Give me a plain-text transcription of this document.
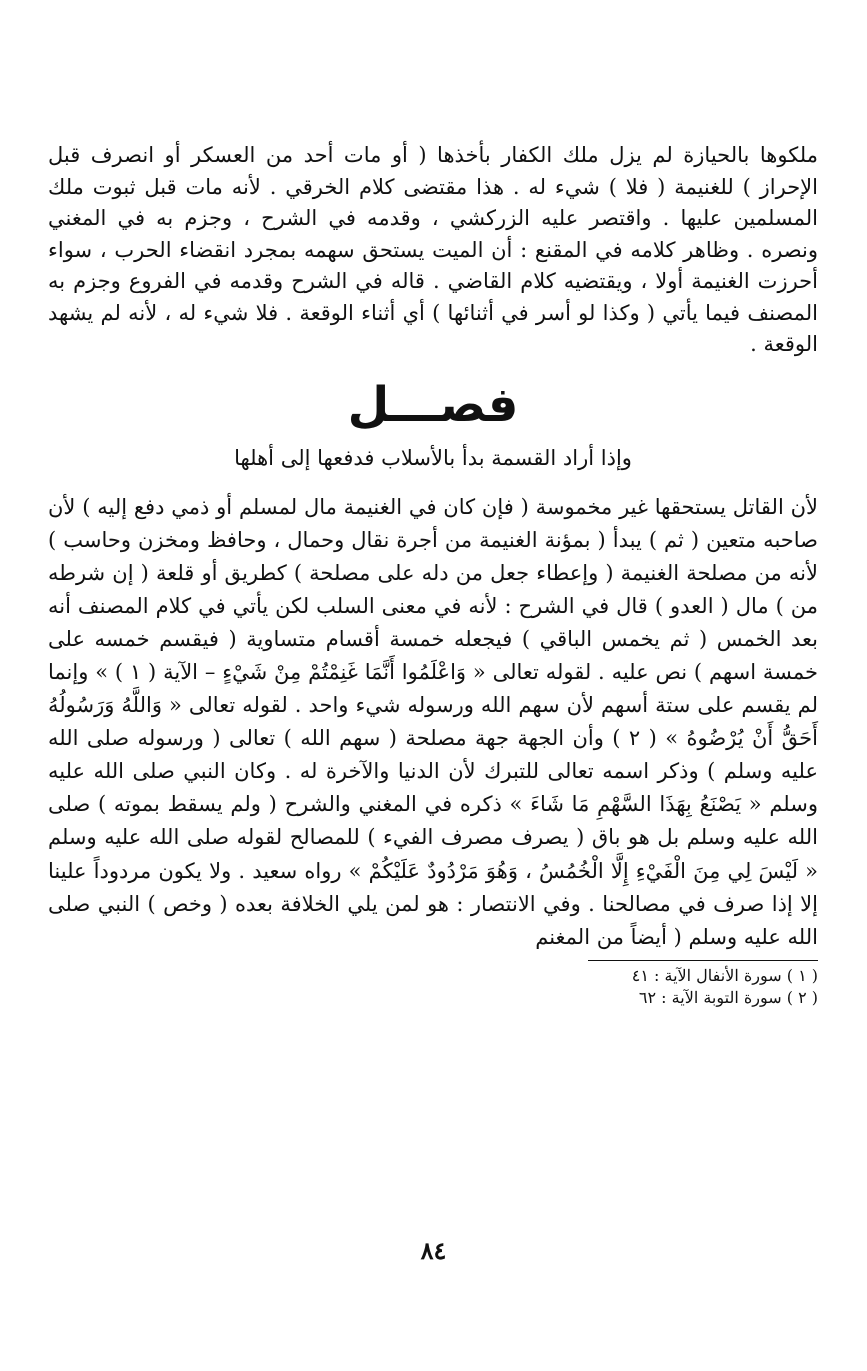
ملكوها بالحيازة لم يزل ملك الكفار بأخذها ( أو مات أحد من العسكر أو انصرف قبل الإحراز ) للغنيمة ( فلا ) شيء له . هذا مقتضى كلام الخرقي . لأنه مات قبل ثبوت ملك المسلمين عليها . واقتصر عليه الزركشي ، وقدمه في الشرح ، وجزم به في المغني ونصره . وظاهر كلامه في المقنع : أن الميت يستحق سهمه بمجرد انقضاء الحرب ، سواء أحرزت الغنيمة أولا ، ويقتضيه كلام القاضي . قاله في الشرح وقدمه في الفروع وجزم به المصنف فيما يأتي ( وكذا لو أسر في أثنائها ) أي أثناء الوقعة . فلا شيء له ، لأنه لم يشهد الوقعة .

فصـــل
وإذا أراد القسمة بدأ بالأسلاب فدفعها إلى أهلها

لأن القاتل يستحقها غير مخموسة ( فإن كان في الغنيمة مال لمسلم أو ذمي دفع إليه ) لأن صاحبه متعين ( ثم ) يبدأ ( بمؤنة الغنيمة من أجرة نقال وحمال ، وحافظ ومخزن وحاسب ) لأنه من مصلحة الغنيمة ( وإعطاء جعل من دله على مصلحة ) كطريق أو قلعة ( إن شرطه من ) مال ( العدو ) قال في الشرح : لأنه في معنى السلب لكن يأتي في كلام المصنف أنه بعد الخمس ( ثم يخمس الباقي ) فيجعله خمسة أقسام متساوية ( فيقسم خمسه على خمسة اسهم ) نص عليه . لقوله تعالى « وَاعْلَمُوا أَنَّمَا غَنِمْتُمْ مِنْ شَيْءٍ – الآية ( ١ ) » وإنما لم يقسم على ستة أسهم لأن سهم الله ورسوله شيء واحد . لقوله تعالى « وَاللَّهُ وَرَسُولُهُ أَحَقُّ أَنْ يُرْضُوهُ » ( ٢ ) وأن الجهة جهة مصلحة ( سهم الله ) تعالى ( ورسوله صلى الله عليه وسلم ) وذكر اسمه تعالى للتبرك لأن الدنيا والآخرة له . وكان النبي صلى الله عليه وسلم « يَصْنَعُ بِهَذَا السَّهْمِ مَا شَاءَ » ذكره في المغني والشرح ( ولم يسقط بموته ) صلى الله عليه وسلم بل هو باق ( يصرف مصرف الفيء ) للمصالح لقوله صلى الله عليه وسلم « لَيْسَ لِي مِنَ الْفَيْءِ إِلَّا الْخُمُسُ ، وَهُوَ مَرْدُودٌ عَلَيْكُمْ » رواه سعيد . ولا يكون مردوداً علينا إلا إذا صرف في مصالحنا . وفي الانتصار : هو لمن يلي الخلافة بعده ( وخص ) النبي صلى الله عليه وسلم ( أيضاً من المغنم

( ١ ) سورة الأنفال الآية : ٤١

( ٢ ) سورة التوبة الآية : ٦٢

٨٤
